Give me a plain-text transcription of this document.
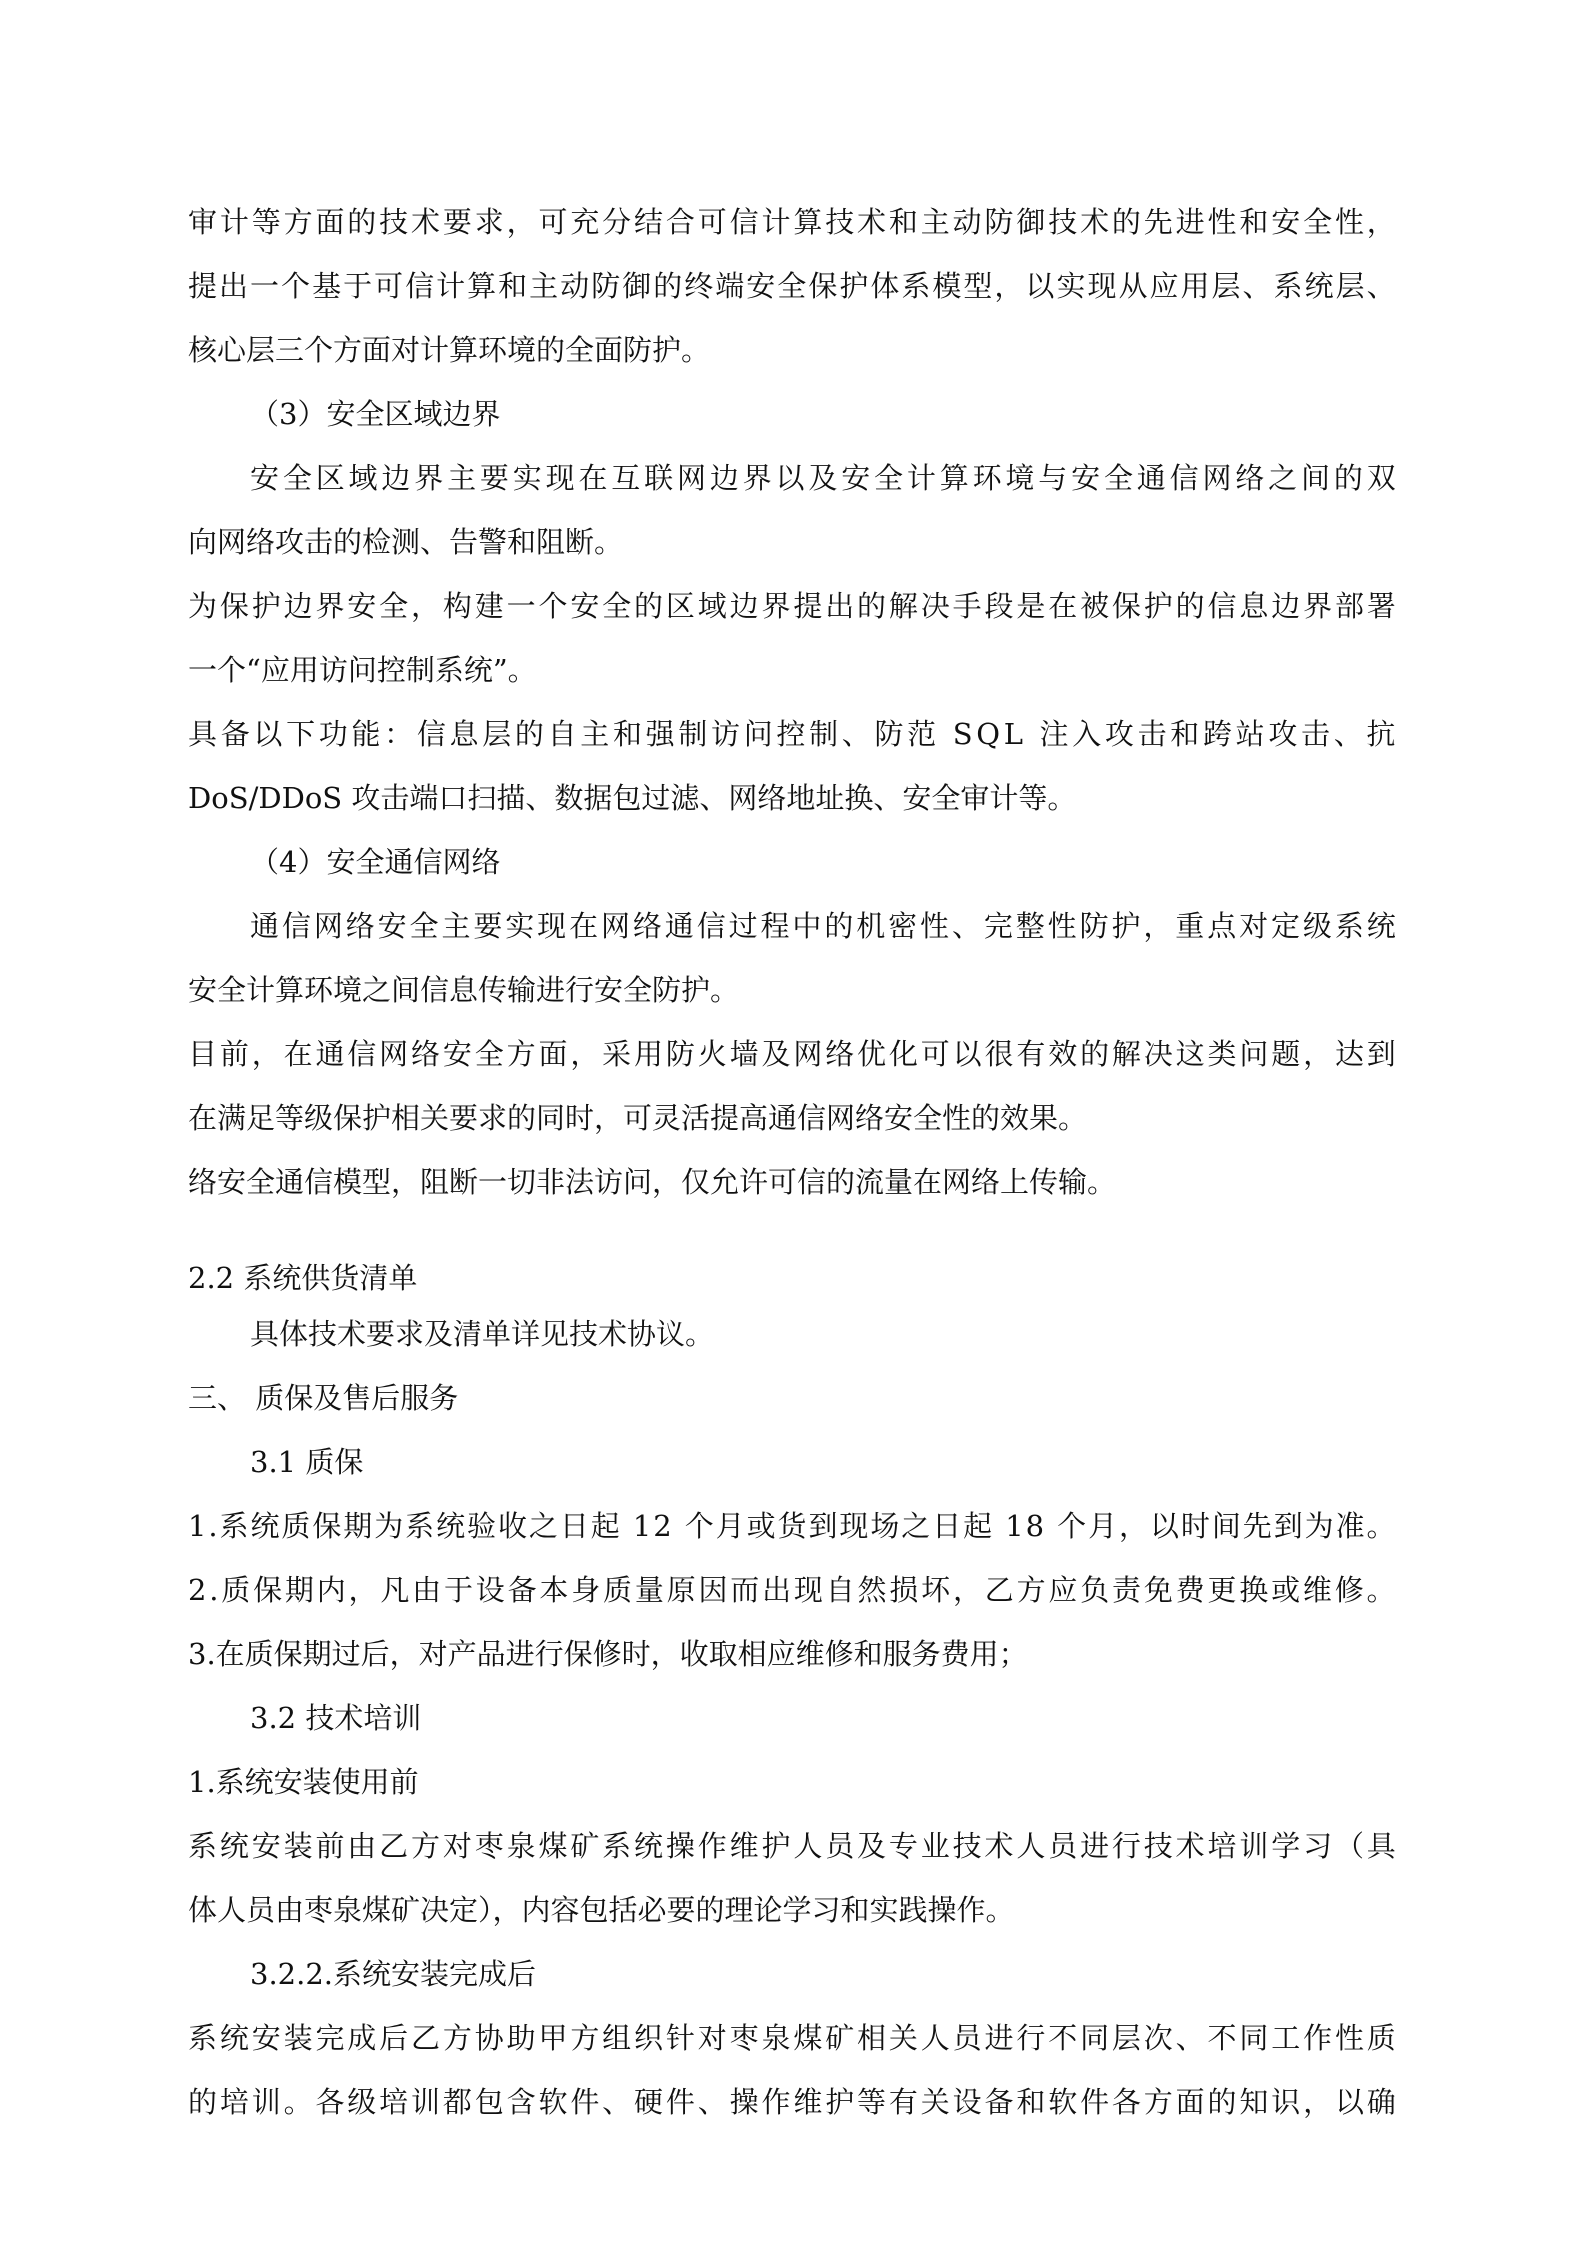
审 计 等 方 面 的 技 术 要 求 ， 可 充 分 结 合 可 信 计 算 技 术 和 主 动 防 御 技 术 的 先 进 性 和 安 全 性 ，

提 出 一 个 基 于 可 信 计 算 和 主 动 防 御 的 终 端 安 全 保 护 体 系 模 型 ， 以 实 现 从 应 用 层 、 系 统 层 、

核心层三个方面对计算环境的全面防护。

（3）安全区域边界

安 全 区 域 边 界 主 要 实 现 在 互 联 网 边 界 以 及 安 全 计 算 环 境 与 安 全 通 信 网 络 之 间 的 双

向网络攻击的检测、告警和阻断。

为 保 护 边 界 安 全 ， 构 建 一 个 安 全 的 区 域 边 界 提 出 的 解 决 手 段 是 在 被 保 护 的 信 息 边 界 部 署

一个“应用访问控制系统”。

具 备 以 下 功 能 ： 信 息 层 的 自 主 和 强 制 访 问 控 制 、 防 范
S Q L
注 入 攻 击 和 跨 站 攻 击 、 抗

DoS/DDoS 攻击端口扫描、数据包过滤、网络地址换、安全审计等。

（4）安全通信网络

通 信 网 络 安 全 主 要 实 现 在 网 络 通 信 过 程 中 的 机 密 性 、 完 整 性 防 护 ， 重 点 对 定 级 系 统

安全计算环境之间信息传输进行安全防护。

目 前 ， 在 通 信 网 络 安 全 方 面 ， 采 用 防 火 墙 及 网 络 优 化 可 以 很 有 效 的 解 决 这 类 问 题 ， 达 到

在满足等级保护相关要求的同时，可灵活提高通信网络安全性的效果。

络安全通信模型，阻断一切非法访问，仅允许可信的流量在网络上传输。

2.2 系统供货清单

具体技术要求及清单详见技术协议。

三、 质保及售后服务

3.1 质保

1 . 系 统 质 保 期 为 系 统 验 收 之 日 起
1 2
个 月 或 货 到 现 场 之 日 起
1 8
个 月 ， 以 时 间 先 到 为 准 。

2 . 质 保 期 内 ， 凡 由 于 设 备 本 身 质 量 原 因 而 出 现 自 然 损 坏 ， 乙 方 应 负 责 免 费 更 换 或 维 修 。

3.在质保期过后，对产品进行保修时，收取相应维修和服务费用；

3.2 技术培训

1.系统安装使用前

系 统 安 装 前 由 乙 方 对 枣 泉 煤 矿 系 统 操 作 维 护 人 员 及 专 业 技 术 人 员 进 行 技 术 培 训 学 习 （ 具

体人员由枣泉煤矿决定），内容包括必要的理论学习和实践操作。

3.2.2.系统安装完成后

系 统 安 装 完 成 后 乙 方 协 助 甲 方 组 织 针 对 枣 泉 煤 矿 相 关 人 员 进 行 不 同 层 次 、 不 同 工 作 性 质

的 培 训 。 各 级 培 训 都 包 含 软 件 、 硬 件 、 操 作 维 护 等 有 关 设 备 和 软 件 各 方 面 的 知 识 ， 以 确
